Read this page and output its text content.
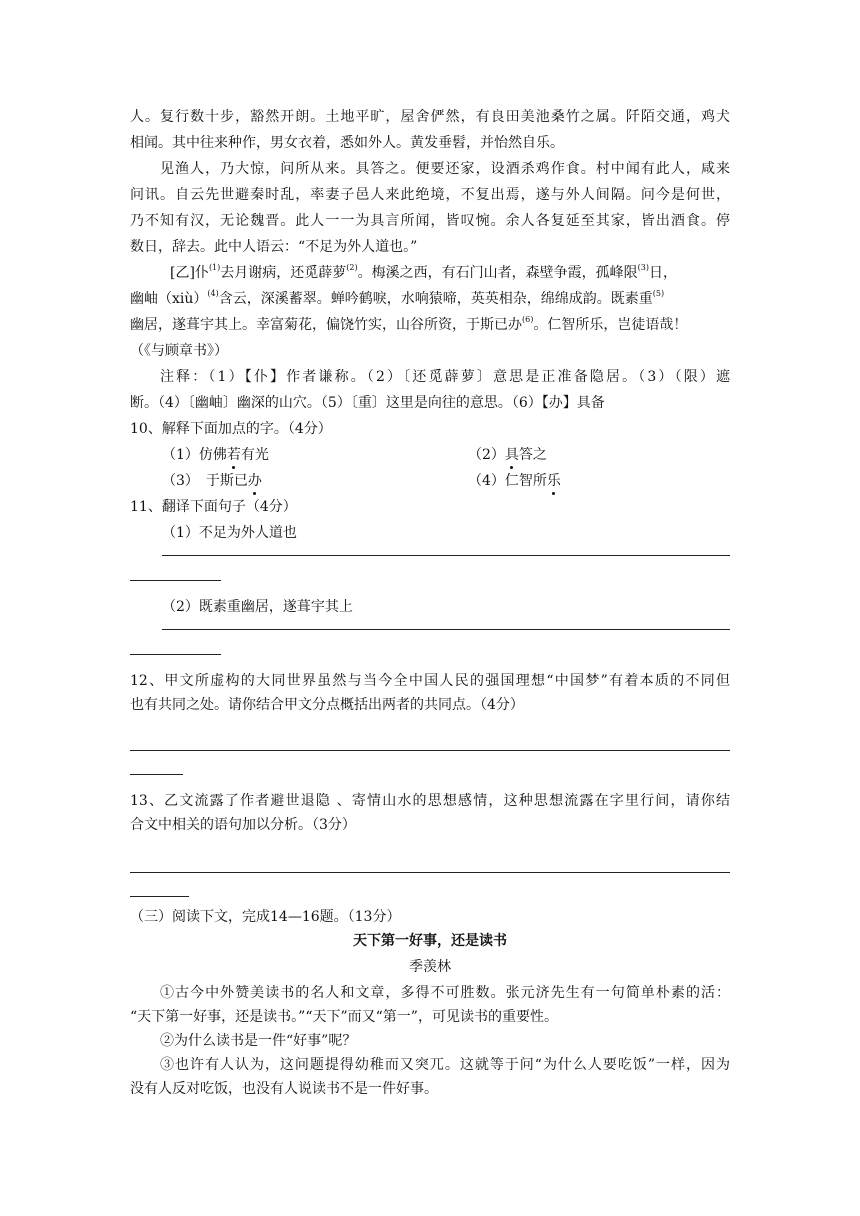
人。复行数十步，豁然开朗。土地平旷，屋舍俨然，有良田美池桑竹之属。阡陌交通，鸡犬
相闻。其中往来种作，男女衣着，悉如外人。黄发垂髫，并怡然自乐。
见渔人，乃大惊，问所从来。具答之。便要还家，设酒杀鸡作食。村中闻有此人，咸来
问讯。自云先世避秦时乱，率妻子邑人来此绝境，不复出焉，遂与外人间隔。问今是何世，
乃不知有汉，无论魏晋。此人一一为具言所闻，皆叹惋。余人各复延至其家，皆出酒食。停
数日，辞去。此中人语云：“不足为外人道也。”
[乙]仆$^{(1)}$去月谢病，还觅薜萝$^{(2)}$。梅溪之西，有石门山者，森壁争霞，孤峰限$^{(3)}$日，
幽岫（xiù）$^{(4)}$含云，深溪蓄翠。蝉吟鹤唳，水响猿啼，英英相杂，绵绵成韵。既素重$^{(5)}$
幽居，遂葺宇其上。幸富菊花，偏饶竹实，山谷所资，于斯已办$^{(6)}$。仁智所乐，岂徒语哉！
（《与顾章书》）
注释：（1）【仆】作者谦称。（2）〔还觅薜萝〕意思是正准备隐居。（3）（限）遮
断。（4）〔幽岫〕幽深的山穴。（5）〔重〕这里是向往的意思。（6）【办】具备
10、解释下面加点的字。（4分）
（1）仿佛若有光	（2）具答之
（3）　于斯已办	（4）仁智所乐
11、翻译下面句子（4分）
（1）不足为外人道也
（2）既素重幽居，遂葺宇其上
12、甲文所虚构的大同世界虽然与当今全中国人民的强国理想“中国梦”有着本质的不同但
也有共同之处。请你结合甲文分点概括出两者的共同点。（4分）
13、乙文流露了作者避世退隐 、寄情山水的思想感情，这种思想流露在字里行间，请你结
合文中相关的语句加以分析。（3分）
（三）阅读下文，完成14—16题。（13分）
天下第一好事，还是读书
季羡林
①古今中外赞美读书的名人和文章，多得不可胜数。张元济先生有一句简单朴素的活：
“天下第一好事，还是读书。”“天下”而又“第一”，可见读书的重要性。
②为什么读书是一件“好事”呢？
③也许有人认为，这问题提得幼稚而又突兀。这就等于问“为什么人要吃饭”一样，因为
没有人反对吃饭，也没有人说读书不是一件好事。
